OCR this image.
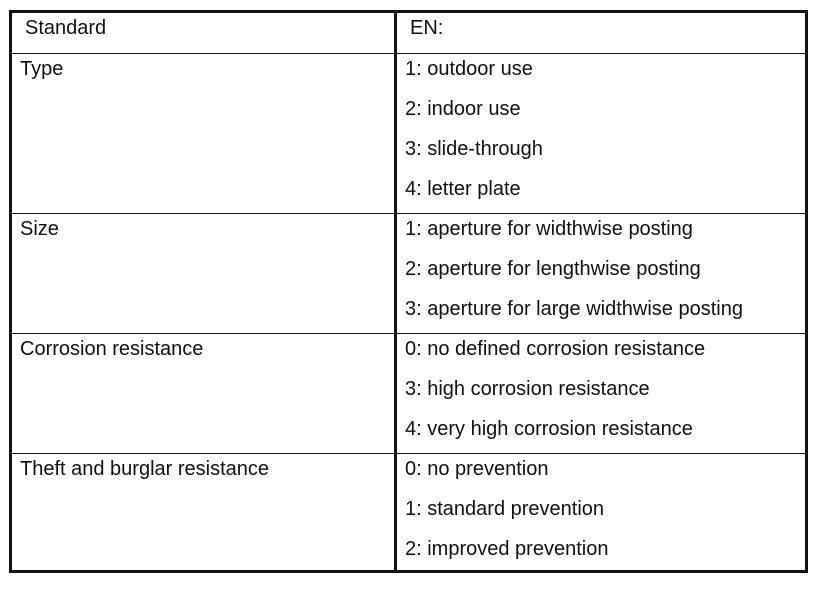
Standard	EN:
Type	1: outdoor use
2: indoor use
3: slide-through
4: letter plate
Size	1: aperture for widthwise posting
2: aperture for lengthwise posting
3: aperture for large widthwise posting
Corrosion resistance	0: no defined corrosion resistance
3: high corrosion resistance
4: very high corrosion resistance
Theft and burglar resistance	0: no prevention
1: standard prevention
2: improved prevention
